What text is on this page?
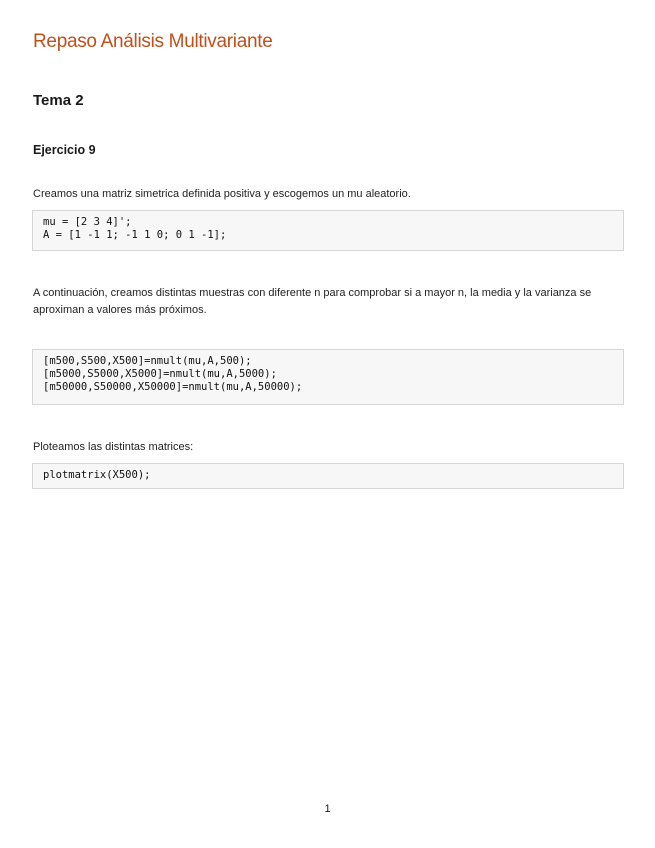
Repaso Análisis Multivariante
Tema 2
Ejercicio 9
Creamos una matriz simetrica definida positiva y escogemos un mu aleatorio.
mu = [2 3 4]';
A = [1 -1 1; -1 1 0; 0 1 -1];
A continuación, creamos distintas muestras con diferente n para comprobar si a mayor n, la media y la varianza se aproximan a valores más próximos.
[m500,S500,X500]=nmult(mu,A,500);
[m5000,S5000,X5000]=nmult(mu,A,5000);
[m50000,S50000,X50000]=nmult(mu,A,50000);
Ploteamos las distintas matrices:
plotmatrix(X500);
1
